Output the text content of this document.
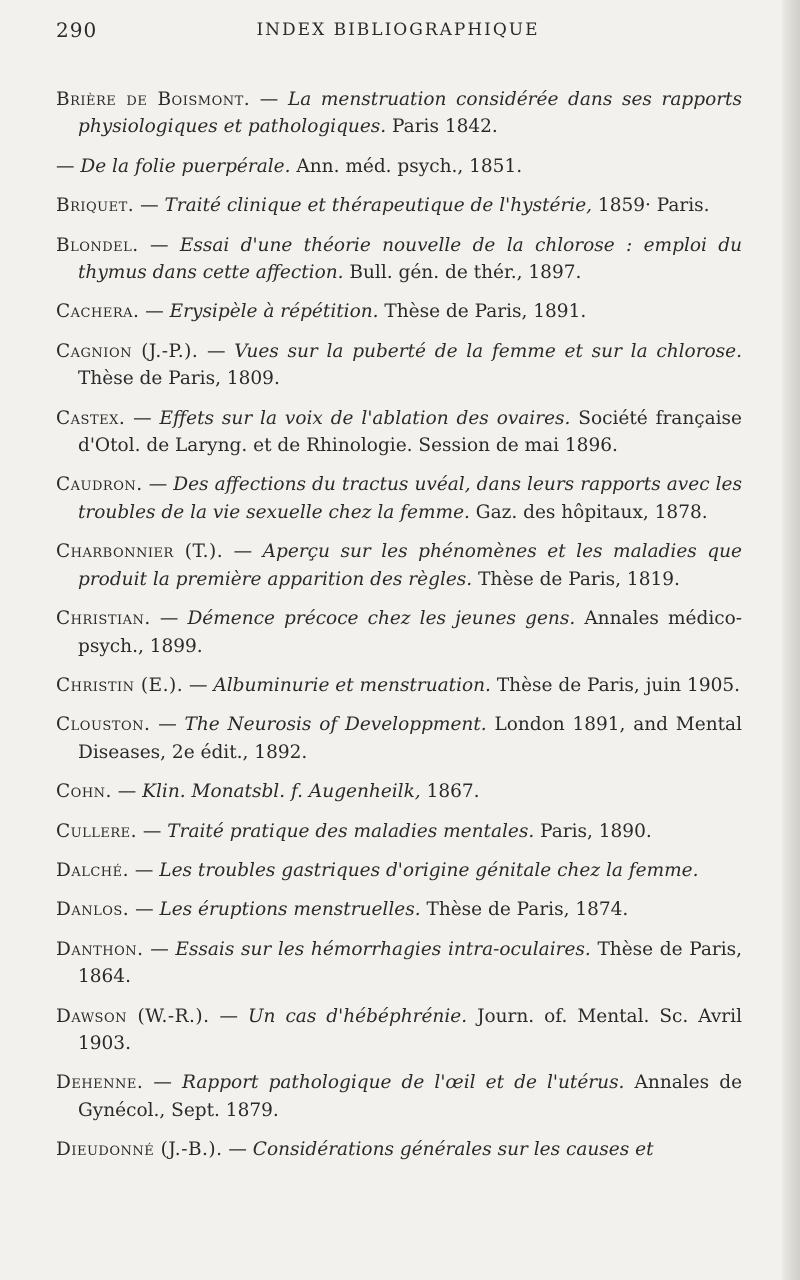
290	INDEX BIBLIOGRAPHIQUE

Brière de Boismont. — La menstruation considérée dans ses rapports physiologiques et pathologiques. Paris 1842.

— De la folie puerpérale. Ann. méd. psych., 1851.

Briquet. — Traité clinique et thérapeutique de l'hystérie, 1859· Paris.

Blondel. — Essai d'une théorie nouvelle de la chlorose : emploi du thymus dans cette affection. Bull. gén. de thér., 1897.

Cachera. — Erysipèle à répétition. Thèse de Paris, 1891.

Cagnion (J.-P.). — Vues sur la puberté de la femme et sur la chlorose. Thèse de Paris, 1809.

Castex. — Effets sur la voix de l'ablation des ovaires. Société française d'Otol. de Laryng. et de Rhinologie. Session de mai 1896.

Caudron. — Des affections du tractus uvéal, dans leurs rapports avec les troubles de la vie sexuelle chez la femme. Gaz. des hôpitaux, 1878.

Charbonnier (T.). — Aperçu sur les phénomènes et les maladies que produit la première apparition des règles. Thèse de Paris, 1819.

Christian. — Démence précoce chez les jeunes gens. Annales médico-psych., 1899.

Christin (E.). — Albuminurie et menstruation. Thèse de Paris, juin 1905.

Clouston. — The Neurosis of Developpment. London 1891, and Mental Diseases, 2e édit., 1892.

Cohn. — Klin. Monatsbl. f. Augenheilk, 1867.

Cullere. — Traité pratique des maladies mentales. Paris, 1890.

Dalché. — Les troubles gastriques d'origine génitale chez la femme.

Danlos. — Les éruptions menstruelles. Thèse de Paris, 1874.

Danthon. — Essais sur les hémorrhagies intra-oculaires. Thèse de Paris, 1864.

Dawson (W.-R.). — Un cas d'hébéphrénie. Journ. of. Mental. Sc. Avril 1903.

Dehenne. — Rapport pathologique de l'œil et de l'utérus. Annales de Gynécol., Sept. 1879.

Dieudonné (J.-B.). — Considérations générales sur les causes et
